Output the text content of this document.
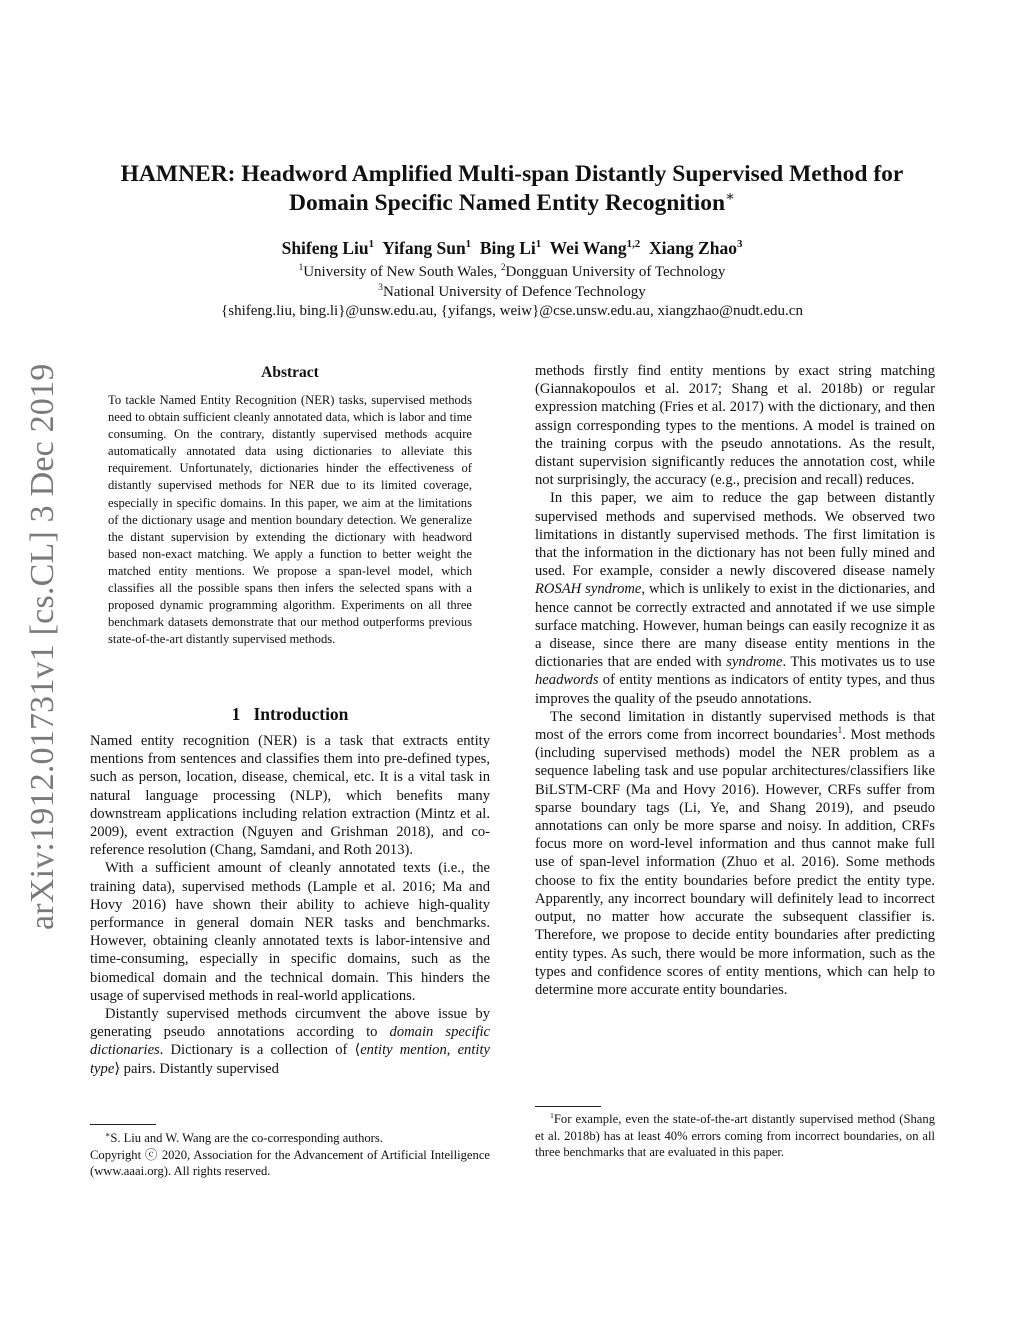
arXiv:1912.01731v1 [cs.CL] 3 Dec 2019
HAMNER: Headword Amplified Multi-span Distantly Supervised Method for
Domain Specific Named Entity Recognition∗
Shifeng Liu$^1$ Yifang Sun$^1$ Bing Li$^1$ Wei Wang$^{1,2}$ Xiang Zhao$^3$
$^1$University of New South Wales, $^2$Dongguan University of Technology
$^3$National University of Defence Technology
{shifeng.liu, bing.li}@unsw.edu.au, {yifangs, weiw}@cse.unsw.edu.au, xiangzhao@nudt.edu.cn
Abstract
To tackle Named Entity Recognition (NER) tasks, supervised methods need to obtain sufficient cleanly annotated data, which is labor and time consuming. On the contrary, distantly supervised methods acquire automatically annotated data using dictionaries to alleviate this requirement. Unfortunately, dictionaries hinder the effectiveness of distantly supervised methods for NER due to its limited coverage, especially in specific domains. In this paper, we aim at the limitations of the dictionary usage and mention boundary detection. We generalize the distant supervision by extending the dictionary with headword based non-exact matching. We apply a function to better weight the matched entity mentions. We propose a span-level model, which classifies all the possible spans then infers the selected spans with a proposed dynamic programming algorithm. Experiments on all three benchmark datasets demonstrate that our method outperforms previous state-of-the-art distantly supervised methods.
1 Introduction

Named entity recognition (NER) is a task that extracts entity mentions from sentences and classifies them into pre-defined types, such as person, location, disease, chemical, etc. It is a vital task in natural language processing (NLP), which benefits many downstream applications including relation extraction (Mintz et al. 2009), event extraction (Nguyen and Grishman 2018), and co-reference resolution (Chang, Samdani, and Roth 2013).

With a sufficient amount of cleanly annotated texts (i.e., the training data), supervised methods (Lample et al. 2016; Ma and Hovy 2016) have shown their ability to achieve high-quality performance in general domain NER tasks and benchmarks. However, obtaining cleanly annotated texts is labor-intensive and time-consuming, especially in specific domains, such as the biomedical domain and the technical domain. This hinders the usage of supervised methods in real-world applications.

Distantly supervised methods circumvent the above issue by generating pseudo annotations according to domain specific dictionaries. Dictionary is a collection of ⟨entity mention, entity type⟩ pairs. Distantly supervised

∗S. Liu and W. Wang are the co-corresponding authors.

Copyright ⓒ 2020, Association for the Advancement of Artificial Intelligence (www.aaai.org). All rights reserved.

methods firstly find entity mentions by exact string matching (Giannakopoulos et al. 2017; Shang et al. 2018b) or regular expression matching (Fries et al. 2017) with the dictionary, and then assign corresponding types to the mentions. A model is trained on the training corpus with the pseudo annotations. As the result, distant supervision significantly reduces the annotation cost, while not surprisingly, the accuracy (e.g., precision and recall) reduces.

In this paper, we aim to reduce the gap between distantly supervised methods and supervised methods. We observed two limitations in distantly supervised methods. The first limitation is that the information in the dictionary has not been fully mined and used. For example, consider a newly discovered disease namely ROSAH syndrome, which is unlikely to exist in the dictionaries, and hence cannot be correctly extracted and annotated if we use simple surface matching. However, human beings can easily recognize it as a disease, since there are many disease entity mentions in the dictionaries that are ended with syndrome. This motivates us to use headwords of entity mentions as indicators of entity types, and thus improves the quality of the pseudo annotations.

The second limitation in distantly supervised methods is that most of the errors come from incorrect boundaries$^1$. Most methods (including supervised methods) model the NER problem as a sequence labeling task and use popular architectures/classifiers like BiLSTM-CRF (Ma and Hovy 2016). However, CRFs suffer from sparse boundary tags (Li, Ye, and Shang 2019), and pseudo annotations can only be more sparse and noisy. In addition, CRFs focus more on word-level information and thus cannot make full use of span-level information (Zhuo et al. 2016). Some methods choose to fix the entity boundaries before predict the entity type. Apparently, any incorrect boundary will definitely lead to incorrect output, no matter how accurate the subsequent classifier is. Therefore, we propose to decide entity boundaries after predicting entity types. As such, there would be more information, such as the types and confidence scores of entity mentions, which can help to determine more accurate entity boundaries.

$^1$For example, even the state-of-the-art distantly supervised method (Shang et al. 2018b) has at least 40% errors coming from incorrect boundaries, on all three benchmarks that are evaluated in this paper.
